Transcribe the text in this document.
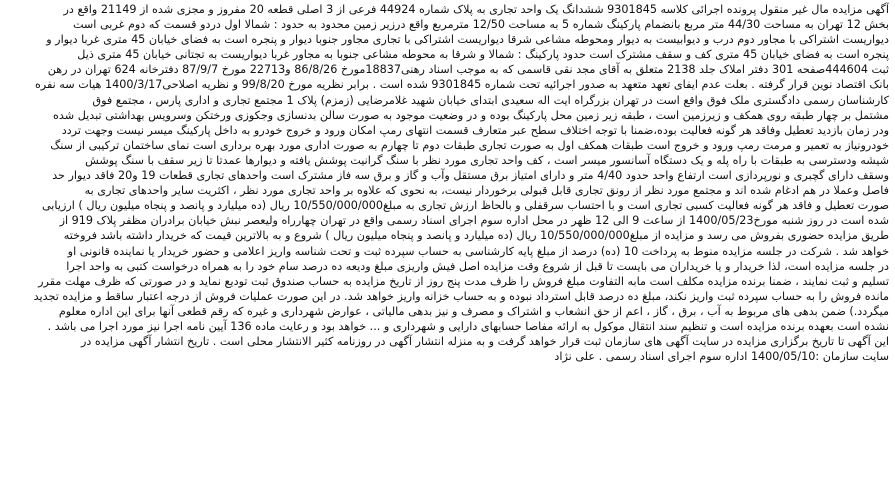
آگهی مزایده مال غیر منقول پرونده اجرائی کلاسه 9301845 ششدانگ یک واحد تجاری به پلاک شماره 44924 فرعی از 3 اصلی قطعه 20 مفروز و مجزی شده از 21149 واقع در
بخش 12 تهران به مساحت 44/30 متر مربع بانضمام پارکینگ شماره 5 به مساحت 12/50 مترمربع واقع درزیر زمین محدود به حدود : شمالا اول دردو قسمت که دوم غربی است
دیواریست اشتراکی با مجاور دوم درب و دیوابیست به دیوار ومحوطه مشاعی شرقا دیواریست اشتراکی با تجاری مجاور جنوبا دیوار و پنجره است به فضای خیابان 45 متری غربا دیوار و
پنجره است به فضای خیابان 45 متری کف و سقف مشترک است حدود پارکینگ : شمالا و شرقا به محوطه مشاعی جنوبا به مجاور غربا دیواریست به تجتانی خیابان 45 متری ذیل
ثبت 444604صفحه 301 دفتر املاک جلد 2138 متعلق به آقای مجد نقی قاسمی که به موجب اسناد رهنی18837مورخ 86/8/26 و22713 مورخ 87/9/7 دفترخانه 624 تهران در رهن
بانک اقتصاد نوین قرار گرفته . بعلت عدم ایفای تعهد متعهد به صدور اجرائیه تحت شماره 9301845 شده است . برابر نظریه مورخ 99/8/20 و نظریه اصلاحی1400/3/17 هیات سه نفره
کارشناسان رسمی دادگستری ملک فوق واقع است در تهران بزرگراه ایت اله سعیدی ابتدای خیابان شهید غلامرضایی (زمزم) پلاک 1 مجتمع تجاری و اداری پارس ، مجتمع فوق
مشتمل بر چهار طبقه روی همکف و زیرزمین است ، طبقه زیر زمین محل پارکینگ بوده و در وضعیت موجود به صورت سالن بدنسازی وجکوزی ورختکن وسرویس بهداشتی تبدیل شده
ودر زمان بازدید تعطیل وفاقد هر گونه فعالیت بوده،ضمنا با توجه اختلاف سطح عبر متعارف قسمت انتهای رمپ امکان ورود و خروج خودرو به داخل پارکینگ میسر نیست وجهت تردد
خودرونیاز به تعمیر و مرمت رمپ ورود و خروج است طبقات همکف اول به صورت تجاری طبقات دوم تا چهارم به صورت اداری مورد بهره برداری است نمای ساختمان ترکیبی از سنگ
شیشه ودسترسی به طبقات با راه پله و یک دستگاه آسانسور میسر است ، کف واحد تجاری مورد نظر با سنگ گرانیت پوشش یافته و دیوارها عمدتا تا زیر سقف با سنگ پوشش
وسقف دارای گچبری و نورپردازی است ارتفاع واحد حدود 4/40 متر و دارای امتیاز برق مستقل وآب و گاز و برق سه فاز مشترک است واحدهای تجاری قطعات 19 و20 فاقد دیوار حد
فاصل وعملا در هم ادغام شده اند و مجتمع مورد نظر از رونق تجاری قابل قبولی برخوردار نیست، به نحوی که علاوه بر واحد تجاری مورد نظر ، اکثریت سایر واحدهای تجاری به
صورت تعطیل و فاقد هر گونه فعالیت کسبی تجاری است و با احتساب سرقفلی و بالحاظ ارزش تجاری به مبلغ10/550/000/000 ریال (ده میلیارد و پانصد و پنجاه میلیون ریال ) ارزیابی
شده است در روز شنبه مورخ1400/05/23 از ساعت 9 الی 12 ظهر در محل اداره سوم اجرای اسناد رسمی واقع در تهران چهارراه ولیعصر نبش خیابان برادران مظفر پلاک 919 از
طریق مزایده حضوری بفروش می رسد و مزایده از مبلغ10/550/000/000 ریال (ده میلیارد و پانصد و پنجاه میلیون ریال ) شروع و به بالاترین قیمت که خریدار داشته باشد فروخته
خواهد شد . شرکت در جلسه مزایده منوط به پرداخت 10 (ده) درصد از مبلغ پایه کارشناسی به حساب سپرده ثبت و تحت شناسه واریز اعلامی و حضور خریدار یا نماینده قانونی او
در جلسه مزایده است، لذا خریدار و یا خریداران می بایست تا قبل از شروع وقت مزایده اصل فیش واریزی مبلغ ودیعه ده درصد سام خود را به همراه درخواست کتبی به واحد اجرا
تسلیم و ثبت نمایند ، ضمنا برنده مزایده مکلف است مابه التفاوت مبلغ فروش را ظرف مدت پنج روز از تاریخ مزایده به حساب صندوق ثبت تودیع نماید و در صورتی که ظرف مهلت مقرر
مانده فروش را به حساب سپرده ثبت واریز نکند، مبلغ ده درصد قابل استرداد نبوده و به حساب خزانه واریز خواهد شد. در این صورت عملیات فروش از درجه اعتبار ساقط و مزایده تجدید
میگردد.) ضمن بدهی های مربوط به آب ، برق ، گاز ، اعم از حق انشعاب و اشتراک و مصرف و نیز بدهی مالیاتی ، عوارض شهرداری و غیره که رقم قطعی آنها برای این اداره معلوم
نشده است بعهده برنده مزایده است و تنظیم سند انتقال موکول به ارائه مفاصا حسابهای دارایی و شهرداری و ... خواهد بود و رعایت ماده 136 آیین نامه اجرا نیز مورد اجرا می باشد .
این آگهی تا تاریخ برگزاری مزایده در سایت آگهی های سازمان ثبت قرار خواهد گرفت و به منزله انتشار آگهی در روزنامه کثیر الانتشار محلی است . تاریخ انتشار آگهی مزایده در
سایت سازمان :1400/05/10 اداره سوم اجرای اسناد رسمی . علی نژاد
